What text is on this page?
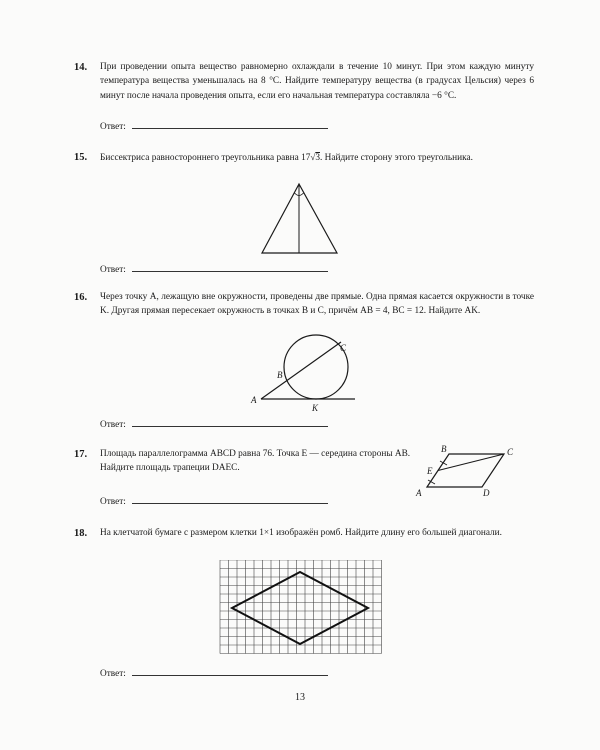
14.	При проведении опыта вещество равномерно охлаждали в течение 10 минут. При этом каждую минуту температура вещества уменьшалась на 8 °С. Найдите температуру вещества (в градусах Цельсия) через 6 минут после начала проведения опыта, если его начальная температура составляла −6 °С.
Ответ:
15.	Биссектриса равностороннего треугольника равна 17√3. Найдите сторону этого треугольника.
Ответ:
16.	Через точку A, лежащую вне окружности, проведены две прямые. Одна прямая касается окружности в точке K. Другая прямая пересекает окружность в точках B и C, причём AB = 4, BC = 12. Найдите AK.
A
B
C
K
Ответ:
17.	Площадь параллелограмма ABCD равна 76. Точка E — середина стороны AB. Найдите площадь трапеции DAEC.
A
B	C
D
E
Ответ:
18.	На клетчатой бумаге с размером клетки 1×1 изображён ромб. Найдите длину его большей диагонали.
Ответ:
13
